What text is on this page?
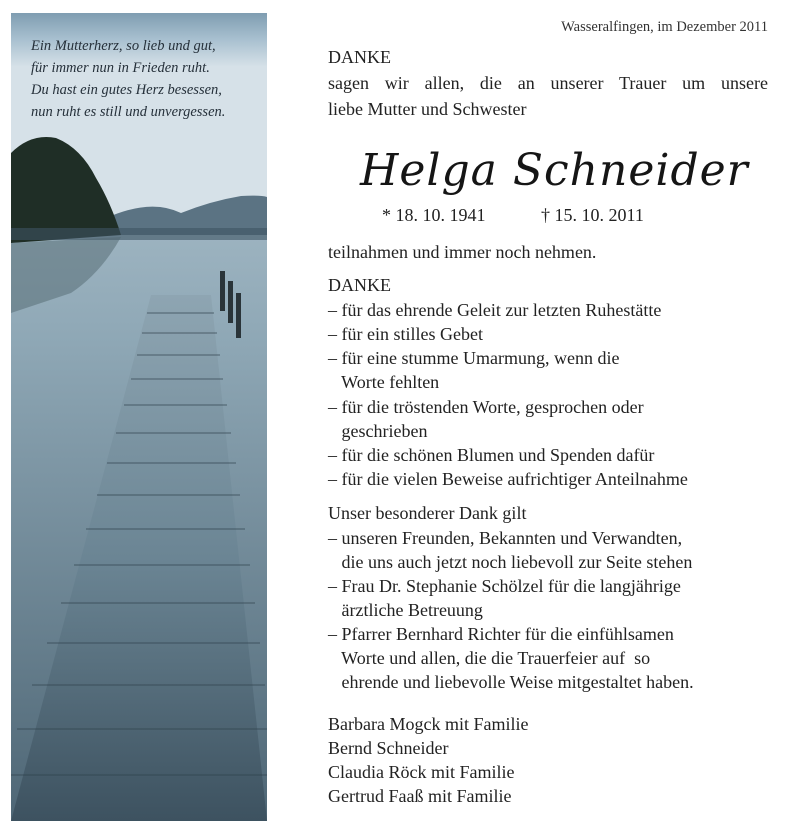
Ein Mutterherz, so lieb und gut,
für immer nun in Frieden ruht.
Du hast ein gutes Herz besessen,
nun ruht es still und unvergessen.
Wasseralfingen, im Dezember 2011
DANKE
sagen wir allen, die an unserer Trauer um unsere
liebe Mutter und Schwester
Helga Schneider
* 18. 10. 1941	† 15. 10. 2011
teilnahmen und immer noch nehmen.
DANKE
– für das ehrende Geleit zur letzten Ruhestätte
– für ein stilles Gebet
– für eine stumme Umarmung, wenn die
Worte fehlten
– für die tröstenden Worte, gesprochen oder
geschrieben
– für die schönen Blumen und Spenden dafür
– für die vielen Beweise aufrichtiger Anteilnahme
Unser besonderer Dank gilt
– unseren Freunden, Bekannten und Verwandten,
die uns auch jetzt noch liebevoll zur Seite stehen
– Frau Dr. Stephanie Schölzel für die langjährige
ärztliche Betreuung
– Pfarrer Bernhard Richter für die einfühlsamen
Worte und allen, die die Trauerfeier auf  so
ehrende und liebevolle Weise mitgestaltet haben.
Barbara Mogck mit Familie
Bernd Schneider
Claudia Röck mit Familie
Gertrud Faaß mit Familie
